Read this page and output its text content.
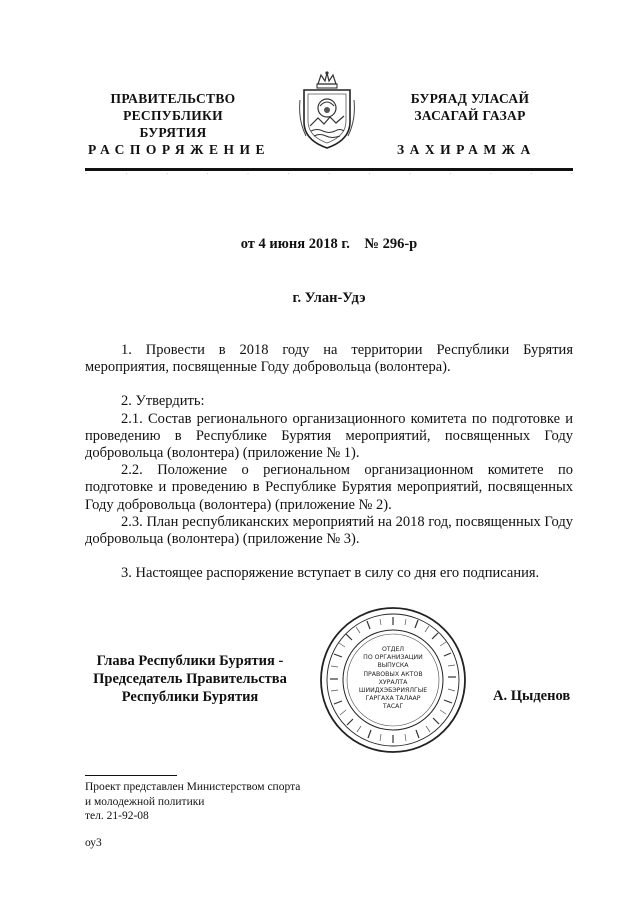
ПРАВИТЕЛЬСТВО
РЕСПУБЛИКИ БУРЯТИЯ
БУРЯАД УЛАСАЙ
ЗАСАГАЙ ГАЗАР
РАСПОРЯЖЕНИЕ	ЗАХИРАМЖА
·	·	·	·	·	·	·	·	·	·	·	·	·
от 4 июня 2018 г.    № 296-р
г. Улан-Удэ

1. Провести в 2018 году на территории Республики Бурятия мероприятия, посвященные Году добровольца (волонтера).

2. Утвердить:

2.1. Состав регионального организационного комитета по подготовке и проведению в Республике Бурятия мероприятий, посвященных Году добровольца (волонтера) (приложение № 1).

2.2. Положение о региональном организационном комитете по подготовке и проведению в Республике Бурятия мероприятий, посвященных Году добровольца (волонтера) (приложение № 2).

2.3. План республиканских мероприятий на 2018 год, посвященных Году добровольца (волонтера) (приложение № 3).

3. Настоящее распоряжение вступает в силу со дня его подписания.

Глава Республики Бурятия -
Председатель Правительства
Республики Бурятия
ОТДЕЛ
ПО ОРГАНИЗАЦИИ
ВЫПУСКА
ПРАВОВЫХ АКТОВ
ХУРАЛТА
ШИИДХЭБЭРИЯЛГЫЕ
ГАРГАХА ТАЛААР
ТАСАГ
А. Цыденов
Проект представлен Министерством спорта
и молодежной политики
тел. 21-92-08
оу3
